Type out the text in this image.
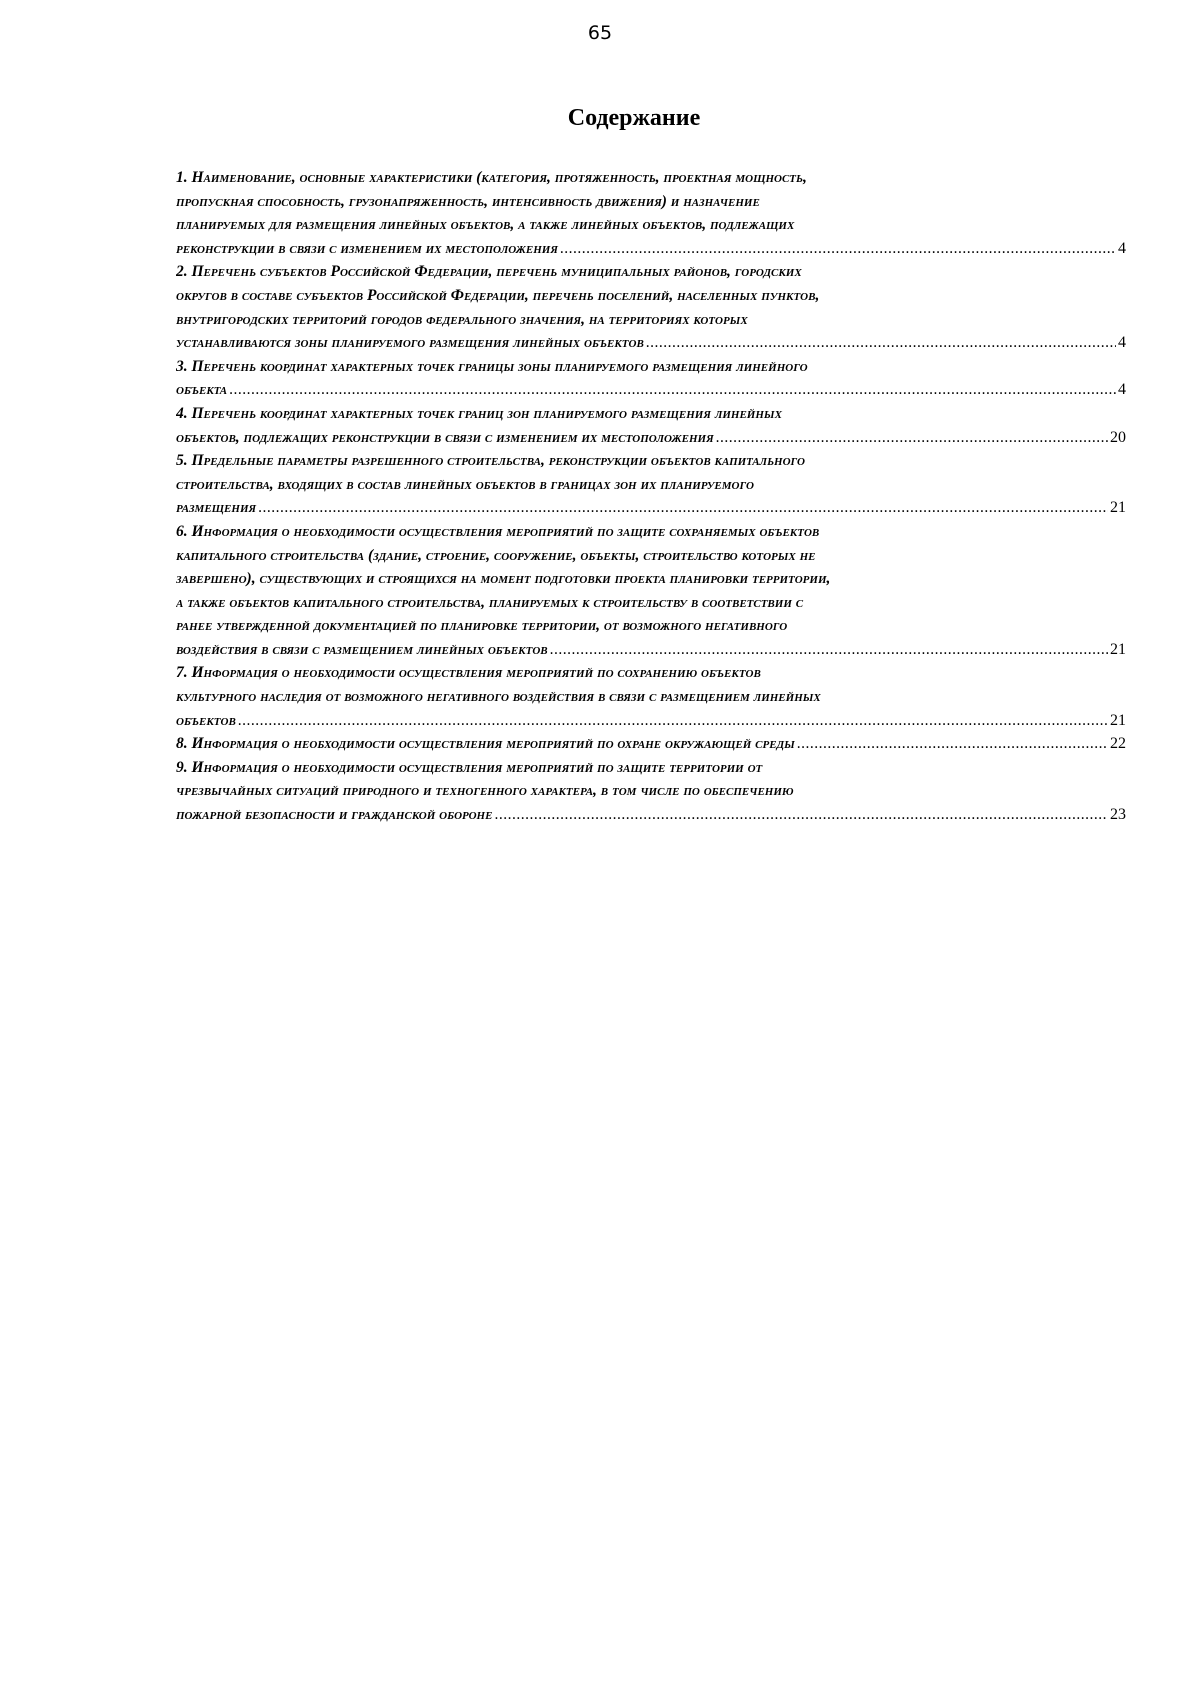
65
Содержание
1. Наименование, основные характеристики (категория, протяженность, проектная мощность,
пропускная способность, грузонапряженность, интенсивность движения) и назначение
планируемых для размещения линейных объектов, а также линейных объектов, подлежащих
реконструкции в связи с изменением их местоположения .....	4
2. Перечень субъектов Российской Федерации, перечень муниципальных районов, городских
округов в составе субъектов Российской Федерации, перечень поселений, населенных пунктов,
внутригородских территорий городов федерального значения, на территориях которых
устанавливаются зоны планируемого размещения линейных объектов .....	4
3. Перечень координат характерных точек границы зоны планируемого размещения линейного
объекта .....	4
4. Перечень координат характерных точек границ зон планируемого размещения линейных
объектов, подлежащих реконструкции в связи с изменением их местоположения .....	20
5. Предельные параметры разрешенного строительства, реконструкции объектов капитального
строительства, входящих в состав линейных объектов в границах зон их планируемого
размещения .....	21
6. Информация о необходимости осуществления мероприятий по защите сохраняемых объектов
капитального строительства (здание, строение, сооружение, объекты, строительство которых не
завершено), существующих и строящихся на момент подготовки проекта планировки территории,
а также объектов капитального строительства, планируемых к строительству в соответствии с
ранее утвержденной документацией по планировке территории, от возможного негативного
воздействия в связи с размещением линейных объектов .....	21
7. Информация о необходимости осуществления мероприятий по сохранению объектов
культурного наследия от возможного негативного воздействия в связи с размещением линейных
объектов .....	21
8. Информация о необходимости осуществления мероприятий по охране окружающей среды .....	22
9. Информация о необходимости осуществления мероприятий по защите территории от
чрезвычайных ситуаций природного и техногенного характера, в том числе по обеспечению
пожарной безопасности и гражданской обороне .....	23
